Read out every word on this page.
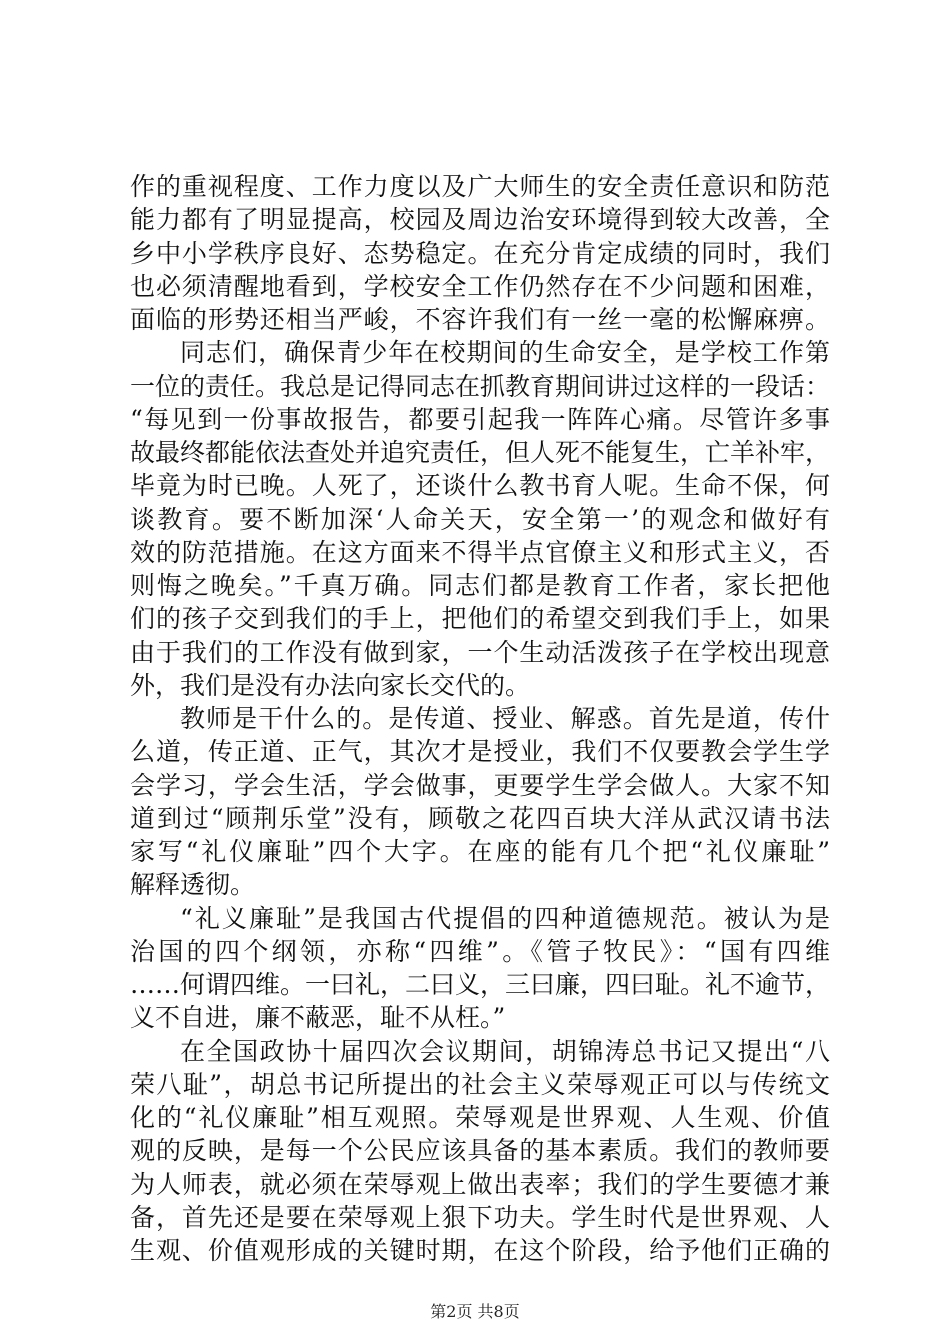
作的重视程度、工作力度以及广大师生的安全责任意识和防范
能力都有了明显提高，校园及周边治安环境得到较大改善，全
乡中小学秩序良好、态势稳定。在充分肯定成绩的同时，我们
也必须清醒地看到，学校安全工作仍然存在不少问题和困难，
面临的形势还相当严峻，不容许我们有一丝一毫的松懈麻痹。
同志们，确保青少年在校期间的生命安全，是学校工作第
一位的责任。我总是记得同志在抓教育期间讲过这样的一段话：
“每见到一份事故报告，都要引起我一阵阵心痛。尽管许多事
故最终都能依法查处并追究责任，但人死不能复生，亡羊补牢，
毕竟为时已晚。人死了，还谈什么教书育人呢。生命不保，何
谈教育。要不断加深‘人命关天，安全第一’的观念和做好有
效的防范措施。在这方面来不得半点官僚主义和形式主义，否
则悔之晚矣。”千真万确。同志们都是教育工作者，家长把他
们的孩子交到我们的手上，把他们的希望交到我们手上，如果
由于我们的工作没有做到家，一个生动活泼孩子在学校出现意
外，我们是没有办法向家长交代的。
教师是干什么的。是传道、授业、解惑。首先是道，传什
么道，传正道、正气，其次才是授业，我们不仅要教会学生学
会学习，学会生活，学会做事，更要学生学会做人。大家不知
道到过“顾荆乐堂”没有，顾敬之花四百块大洋从武汉请书法
家写“礼仪廉耻”四个大字。在座的能有几个把“礼仪廉耻”
解释透彻。
“礼义廉耻”是我国古代提倡的四种道德规范。被认为是
治国的四个纲领，亦称“四维”。《管子牧民》：“国有四维
……何谓四维。一曰礼，二曰义，三曰廉，四曰耻。礼不逾节，
义不自进，廉不蔽恶，耻不从枉。”
在全国政协十届四次会议期间，胡锦涛总书记又提出“八
荣八耻”，胡总书记所提出的社会主义荣辱观正可以与传统文
化的“礼仪廉耻”相互观照。荣辱观是世界观、人生观、价值
观的反映，是每一个公民应该具备的基本素质。我们的教师要
为人师表，就必须在荣辱观上做出表率；我们的学生要德才兼
备，首先还是要在荣辱观上狠下功夫。学生时代是世界观、人
生观、价值观形成的关键时期，在这个阶段，给予他们正确的
第2页 共8页
